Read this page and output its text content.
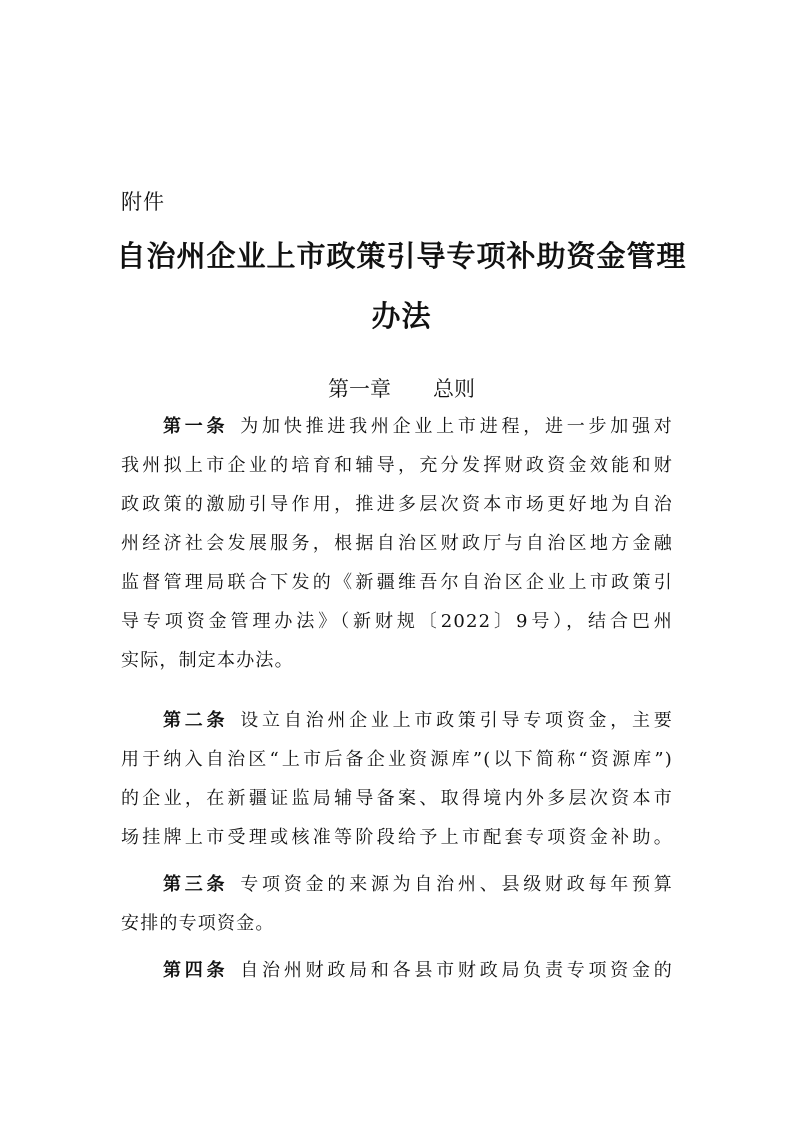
附件
自治州企业上市政策引导专项补助资金管理
办法
第一章 总则
第一条 为加快推进我州企业上市进程，进一步加强对
我州拟上市企业的培育和辅导，充分发挥财政资金效能和财
政政策的激励引导作用，推进多层次资本市场更好地为自治
州经济社会发展服务，根据自治区财政厅与自治区地方金融
监督管理局联合下发的《新疆维吾尔自治区企业上市政策引
导专项资金管理办法》（新财规〔2022〕9号），结合巴州
实际，制定本办法。
第二条 设立自治州企业上市政策引导专项资金，主要
用于纳入自治区“上市后备企业资源库”(以下简称“资源库”)
的企业，在新疆证监局辅导备案、取得境内外多层次资本市
场挂牌上市受理或核准等阶段给予上市配套专项资金补助。
第三条 专项资金的来源为自治州、县级财政每年预算
安排的专项资金。
第四条 自治州财政局和各县市财政局负责专项资金的
